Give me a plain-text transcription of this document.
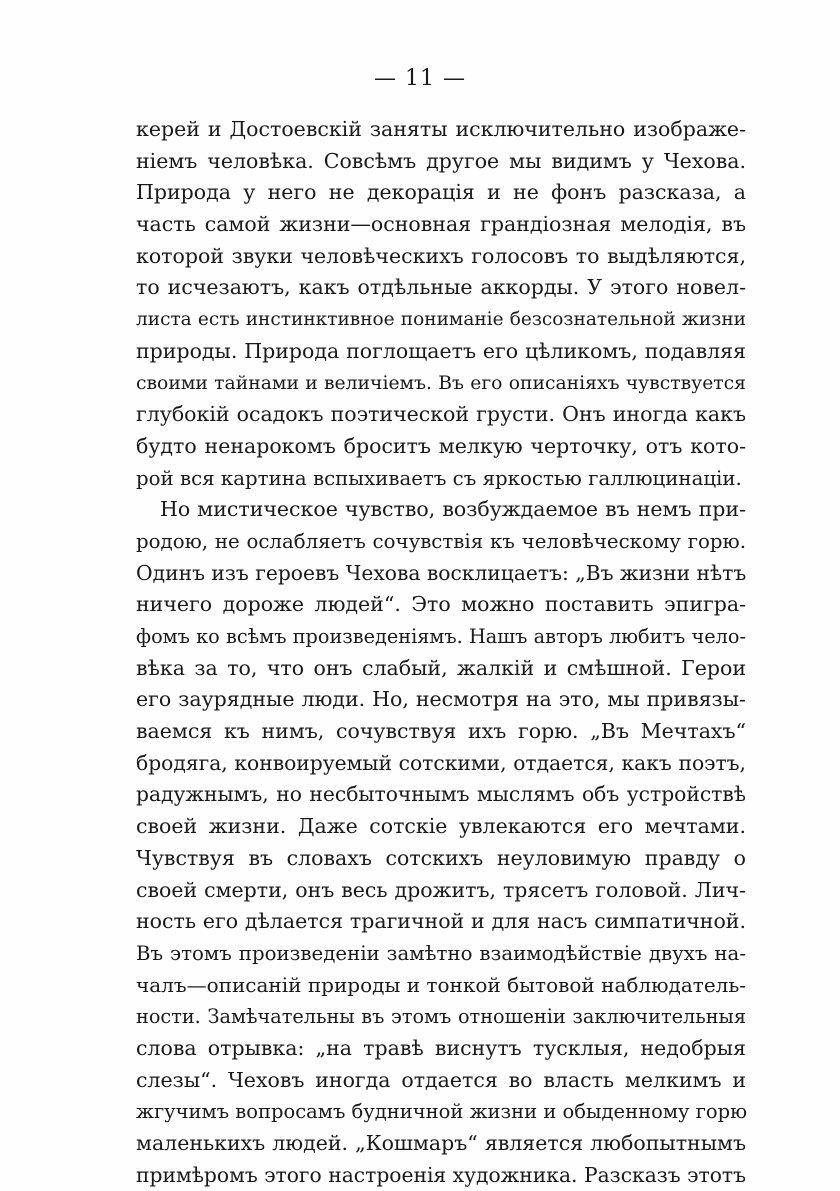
— 11 —
керей и Достоевскій заняты исключительно изображе-
ніемъ человѣка. Совсѣмъ другое мы видимъ у Чехова.
Природа у него не декорація и не фонъ разсказа, а
часть самой жизни—основная грандіозная мелодія, въ
которой звуки человѣческихъ голосовъ то выдѣляются,
то исчезаютъ, какъ отдѣльные аккорды. У этого новел-
листа есть инстинктивное пониманіе безсознательной жизни
природы. Природа поглощаетъ его цѣликомъ, подавляя
своими тайнами и величіемъ. Въ его описаніяхъ чувствуется
глубокій осадокъ поэтической грусти. Онъ иногда какъ
будто ненарокомъ броситъ мелкую черточку, отъ кото-
рой вся картина вспыхиваетъ съ яркостью галлюцинаціи.
Но мистическое чувство, возбуждаемое въ немъ при-
родою, не ослабляетъ сочувствія къ человѣческому горю.
Одинъ изъ героевъ Чехова восклицаетъ: „Въ жизни нѣтъ
ничего дороже людей“. Это можно поставить эпигра-
фомъ ко всѣмъ произведеніямъ. Нашъ авторъ любитъ чело-
вѣка за то, что онъ слабый, жалкій и смѣшной. Герои
его заурядные люди. Но, несмотря на это, мы привязы-
ваемся къ нимъ, сочувствуя ихъ горю. „Въ Мечтахъ“
бродяга, конвоируемый сотскими, отдается, какъ поэтъ,
радужнымъ, но несбыточнымъ мыслямъ объ устройствѣ
своей жизни. Даже сотскіе увлекаются его мечтами.
Чувствуя въ словахъ сотскихъ неуловимую правду о
своей смерти, онъ весь дрожитъ, трясетъ головой. Лич-
ность его дѣлается трагичной и для насъ симпатичной.
Въ этомъ произведеніи замѣтно взаимодѣйствіе двухъ на-
чалъ—описаній природы и тонкой бытовой наблюдатель-
ности. Замѣчательны въ этомъ отношеніи заключительныя
слова отрывка: „на травѣ виснутъ тусклыя, недобрыя
слезы“. Чеховъ иногда отдается во власть мелкимъ и
жгучимъ вопросамъ будничной жизни и обыденному горю
маленькихъ людей. „Кошмаръ“ является любопытнымъ
примѣромъ этого настроенія художника. Разсказъ этотъ
